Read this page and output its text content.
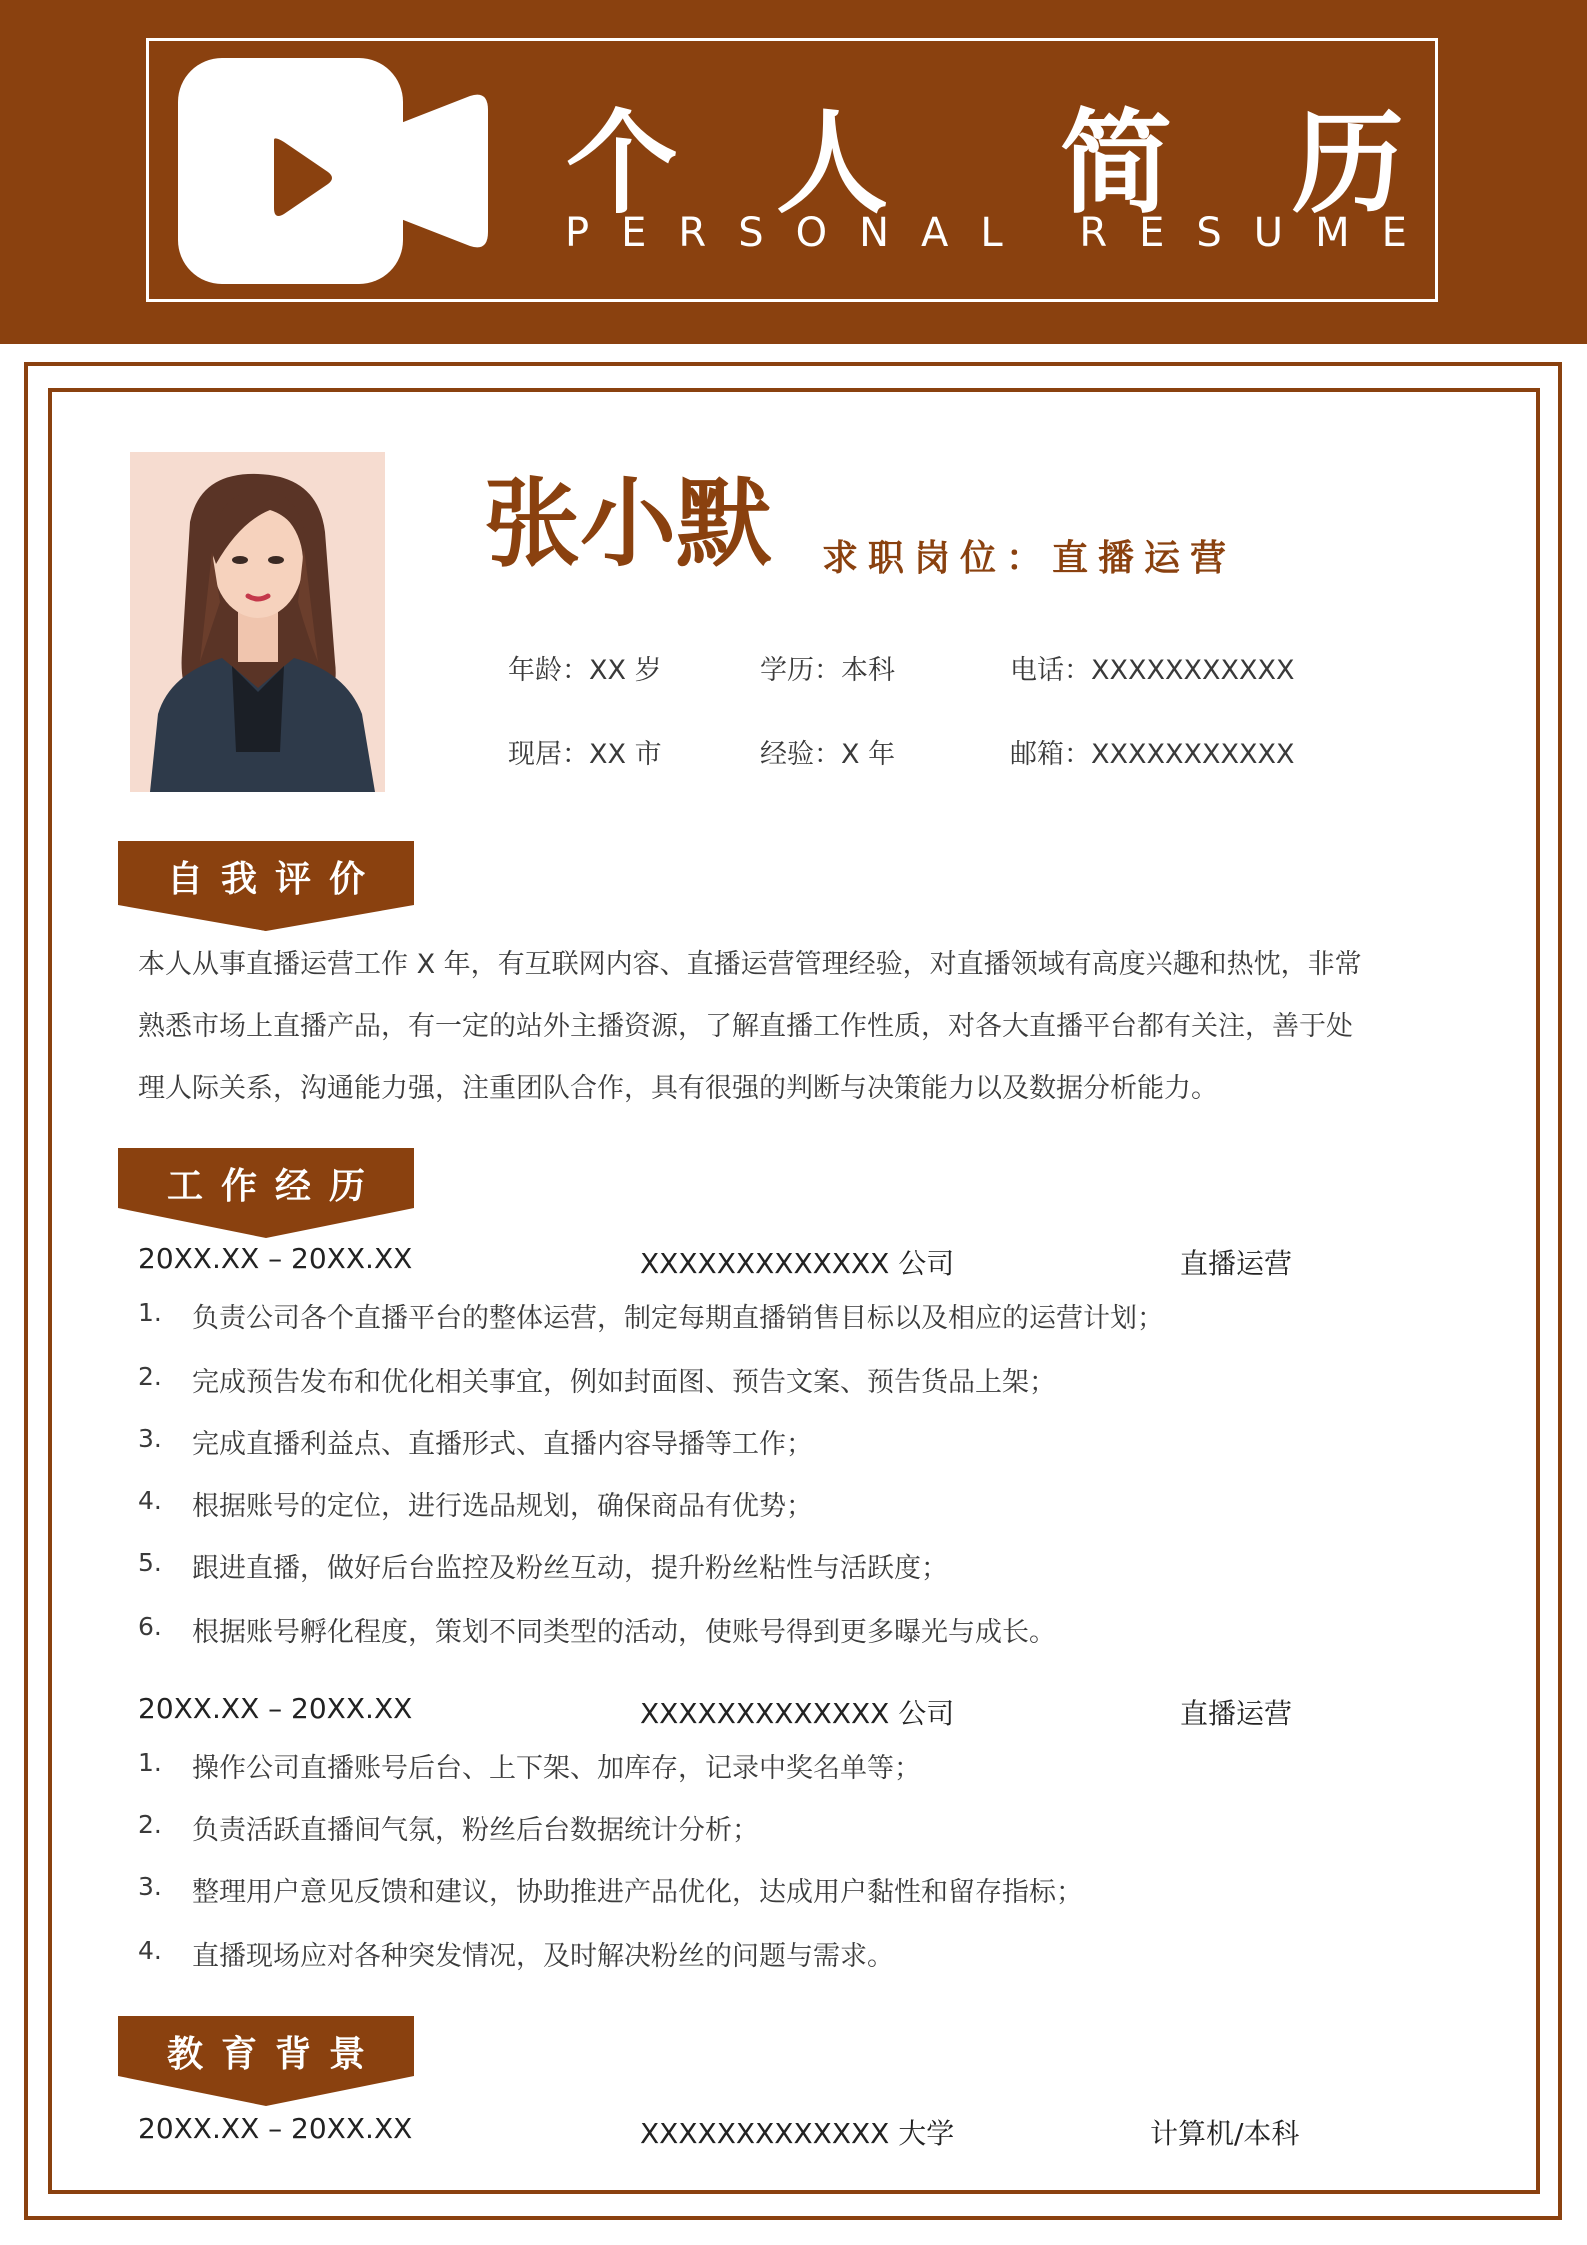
个 人 简 历
PERSONAL RESUME
张小默 求职岗位：直播运营
年龄：XX 岁	学历：本科	电话：XXXXXXXXXXX
现居：XX 市	经验：X 年	邮箱：XXXXXXXXXXX
自我评价

本人从事直播运营工作 X 年，有互联网内容、直播运营管理经验，对直播领域有高度兴趣和热忱，非常

熟悉市场上直播产品，有一定的站外主播资源，了解直播工作性质，对各大直播平台都有关注，善于处

理人际关系，沟通能力强，注重团队合作，具有很强的判断与决策能力以及数据分析能力。

工作经历
20XX.XX – 20XX.XX	XXXXXXXXXXXXX 公司	直播运营
1. 负责公司各个直播平台的整体运营，制定每期直播销售目标以及相应的运营计划；
2. 完成预告发布和优化相关事宜，例如封面图、预告文案、预告货品上架；
3. 完成直播利益点、直播形式、直播内容导播等工作；
4. 根据账号的定位，进行选品规划，确保商品有优势；
5. 跟进直播，做好后台监控及粉丝互动，提升粉丝粘性与活跃度；
6. 根据账号孵化程度，策划不同类型的活动，使账号得到更多曝光与成长。
20XX.XX – 20XX.XX	XXXXXXXXXXXXX 公司	直播运营
1. 操作公司直播账号后台、上下架、加库存，记录中奖名单等；
2. 负责活跃直播间气氛，粉丝后台数据统计分析；
3. 整理用户意见反馈和建议，协助推进产品优化，达成用户黏性和留存指标；
4. 直播现场应对各种突发情况，及时解决粉丝的问题与需求。
教育背景
20XX.XX – 20XX.XX	XXXXXXXXXXXXX 大学	计算机/本科
